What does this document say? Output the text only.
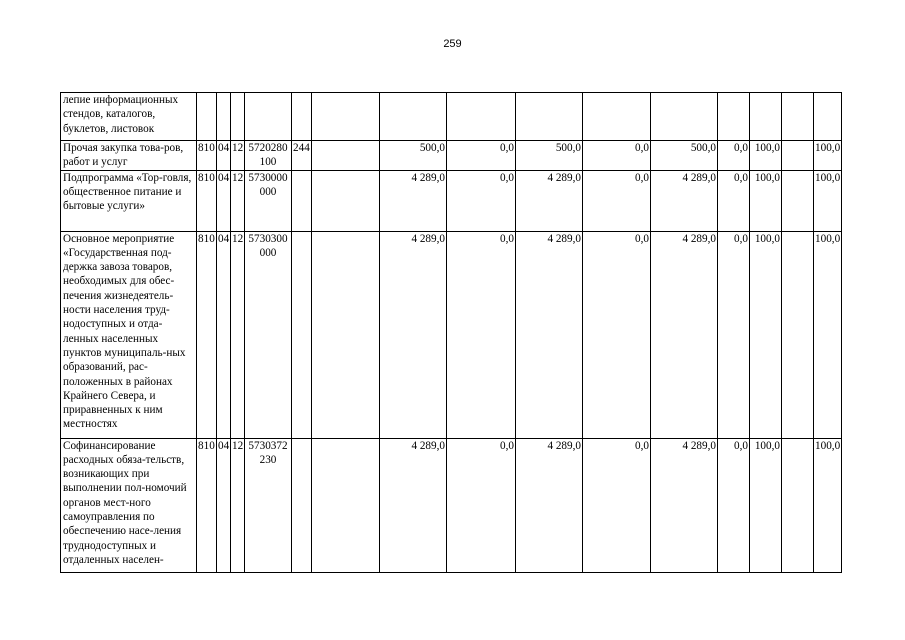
259
лепие информационных стендов, каталогов, буклетов, листовок															
Прочая закупка това-ров, работ и услуг	810	04	12	5720280 100	244		500,0	0,0	500,0	0,0	500,0	0,0	100,0		100,0
Подпрограмма «Тор-говля, общественное питание и бытовые услуги»	810	04	12	5730000 000			4 289,0	0,0	4 289,0	0,0	4 289,0	0,0	100,0		100,0
Основное мероприятие «Государственная под-держка завоза товаров, необходимых для обес-печения жизнедеятель-ности населения труд-нодоступных и отда-ленных населенных пунктов муниципаль-ных образований, рас-положенных в районах Крайнего Севера, и приравненных к ним местностях	810	04	12	5730300 000			4 289,0	0,0	4 289,0	0,0	4 289,0	0,0	100,0		100,0
Софинансирование расходных обяза-тельств, возникающих при выполнении пол-номочий органов мест-ного самоуправления по обеспечению насе-ления труднодоступных и отдаленных населен-	810	04	12	5730372 230			4 289,0	0,0	4 289,0	0,0	4 289,0	0,0	100,0		100,0
